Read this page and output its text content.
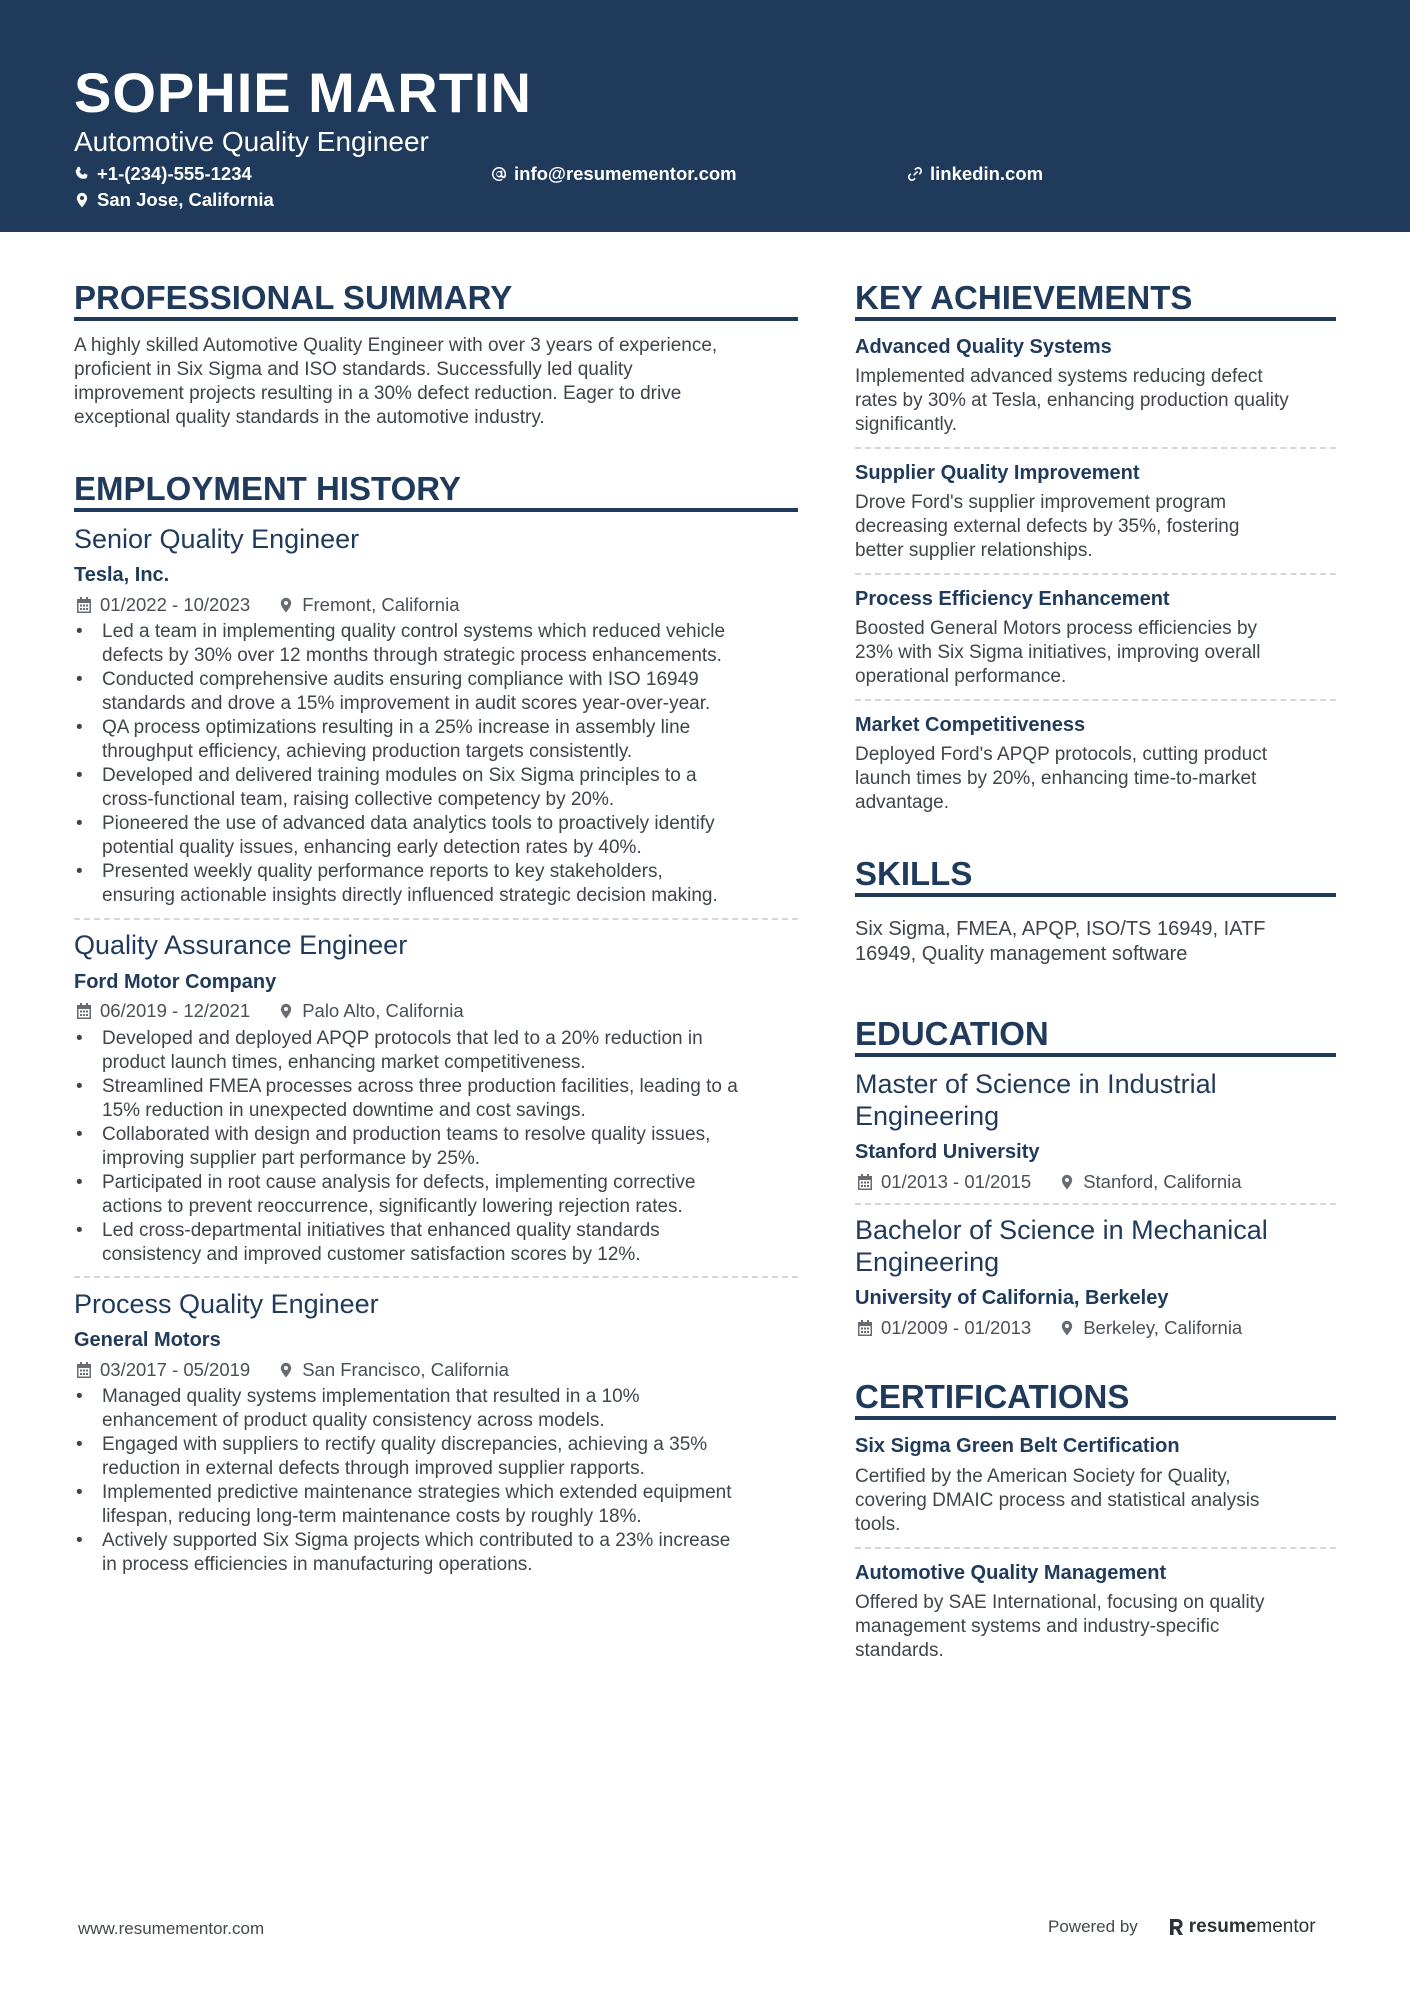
SOPHIE MARTIN
Automotive Quality Engineer
+1-(234)-555-1234	info@resumementor.com	linkedin.com
San Jose, California
PROFESSIONAL SUMMARY
A highly skilled Automotive Quality Engineer with over 3 years of experience,
proficient in Six Sigma and ISO standards. Successfully led quality
improvement projects resulting in a 30% defect reduction. Eager to drive
exceptional quality standards in the automotive industry.
EMPLOYMENT HISTORY
Senior Quality Engineer
Tesla, Inc.
01/2022 - 10/2023	Fremont, California
• Led a team in implementing quality control systems which reduced vehicle
defects by 30% over 12 months through strategic process enhancements.
• Conducted comprehensive audits ensuring compliance with ISO 16949
standards and drove a 15% improvement in audit scores year-over-year.
• QA process optimizations resulting in a 25% increase in assembly line
throughput efficiency, achieving production targets consistently.
• Developed and delivered training modules on Six Sigma principles to a
cross-functional team, raising collective competency by 20%.
• Pioneered the use of advanced data analytics tools to proactively identify
potential quality issues, enhancing early detection rates by 40%.
• Presented weekly quality performance reports to key stakeholders,
ensuring actionable insights directly influenced strategic decision making.
Quality Assurance Engineer
Ford Motor Company
06/2019 - 12/2021	Palo Alto, California
• Developed and deployed APQP protocols that led to a 20% reduction in
product launch times, enhancing market competitiveness.
• Streamlined FMEA processes across three production facilities, leading to a
15% reduction in unexpected downtime and cost savings.
• Collaborated with design and production teams to resolve quality issues,
improving supplier part performance by 25%.
• Participated in root cause analysis for defects, implementing corrective
actions to prevent reoccurrence, significantly lowering rejection rates.
• Led cross-departmental initiatives that enhanced quality standards
consistency and improved customer satisfaction scores by 12%.
Process Quality Engineer
General Motors
03/2017 - 05/2019	San Francisco, California
• Managed quality systems implementation that resulted in a 10%
enhancement of product quality consistency across models.
• Engaged with suppliers to rectify quality discrepancies, achieving a 35%
reduction in external defects through improved supplier rapports.
• Implemented predictive maintenance strategies which extended equipment
lifespan, reducing long-term maintenance costs by roughly 18%.
• Actively supported Six Sigma projects which contributed to a 23% increase
in process efficiencies in manufacturing operations.
KEY ACHIEVEMENTS
Advanced Quality Systems
Implemented advanced systems reducing defect
rates by 30% at Tesla, enhancing production quality
significantly.
Supplier Quality Improvement
Drove Ford's supplier improvement program
decreasing external defects by 35%, fostering
better supplier relationships.
Process Efficiency Enhancement
Boosted General Motors process efficiencies by
23% with Six Sigma initiatives, improving overall
operational performance.
Market Competitiveness
Deployed Ford's APQP protocols, cutting product
launch times by 20%, enhancing time-to-market
advantage.
SKILLS
Six Sigma, FMEA, APQP, ISO/TS 16949, IATF
16949, Quality management software
EDUCATION
Master of Science in Industrial
Engineering
Stanford University
01/2013 - 01/2015	Stanford, California
Bachelor of Science in Mechanical
Engineering
University of California, Berkeley
01/2009 - 01/2013	Berkeley, California
CERTIFICATIONS
Six Sigma Green Belt Certification
Certified by the American Society for Quality,
covering DMAIC process and statistical analysis
tools.
Automotive Quality Management
Offered by SAE International, focusing on quality
management systems and industry-specific
standards.
www.resumementor.com	Powered by	resume mentor
